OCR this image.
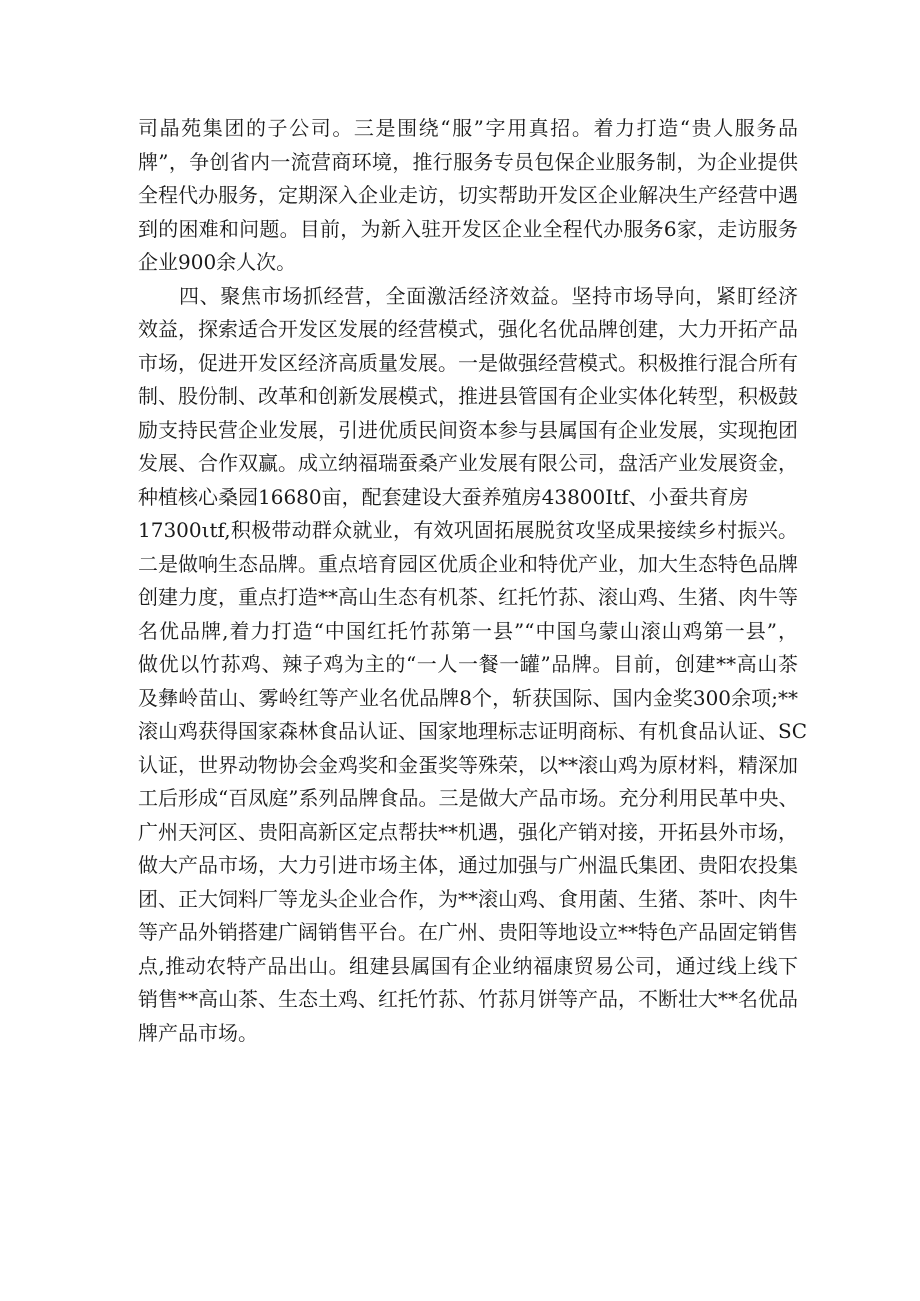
司晶苑集团的子公司。三是围绕“服”字用真招。着力打造“贵人服务品
牌”，争创省内一流营商环境，推行服务专员包保企业服务制，为企业提供
全程代办服务，定期深入企业走访，切实帮助开发区企业解决生产经营中遇
到的困难和问题。目前，为新入驻开发区企业全程代办服务6家，走访服务
企业900余人次。
四、聚焦市场抓经营，全面激活经济效益。坚持市场导向，紧盯经济
效益，探索适合开发区发展的经营模式，强化名优品牌创建，大力开拓产品
市场，促进开发区经济高质量发展。一是做强经营模式。积极推行混合所有
制、股份制、改革和创新发展模式，推进县管国有企业实体化转型，积极鼓
励支持民营企业发展，引进优质民间资本参与县属国有企业发展，实现抱团
发展、合作双赢。成立纳福瑞蚕桑产业发展有限公司，盘活产业发展资金，
种植核心桑园16680亩，配套建设大蚕养殖房43800Itf、小蚕共育房
17300ιtf,积极带动群众就业，有效巩固拓展脱贫攻坚成果接续乡村振兴。
二是做响生态品牌。重点培育园区优质企业和特优产业，加大生态特色品牌
创建力度，重点打造**高山生态有机茶、红托竹荪、滚山鸡、生猪、肉牛等
名优品牌,着力打造“中国红托竹荪第一县”“中国乌蒙山滚山鸡第一县”，
做优以竹荪鸡、辣子鸡为主的“一人一餐一罐”品牌。目前，创建**高山茶
及彝岭苗山、雾岭红等产业名优品牌8个，斩获国际、国内金奖300余项;**
滚山鸡获得国家森林食品认证、国家地理标志证明商标、有机食品认证、SC
认证，世界动物协会金鸡奖和金蛋奖等殊荣，以**滚山鸡为原材料，精深加
工后形成“百凤庭”系列品牌食品。三是做大产品市场。充分利用民革中央、
广州天河区、贵阳高新区定点帮扶**机遇，强化产销对接，开拓县外市场，
做大产品市场，大力引进市场主体，通过加强与广州温氏集团、贵阳农投集
团、正大饲料厂等龙头企业合作，为**滚山鸡、食用菌、生猪、茶叶、肉牛
等产品外销搭建广阔销售平台。在广州、贵阳等地设立**特色产品固定销售
点,推动农特产品出山。组建县属国有企业纳福康贸易公司，通过线上线下
销售**高山茶、生态土鸡、红托竹荪、竹荪月饼等产品，不断壮大**名优品
牌产品市场。
